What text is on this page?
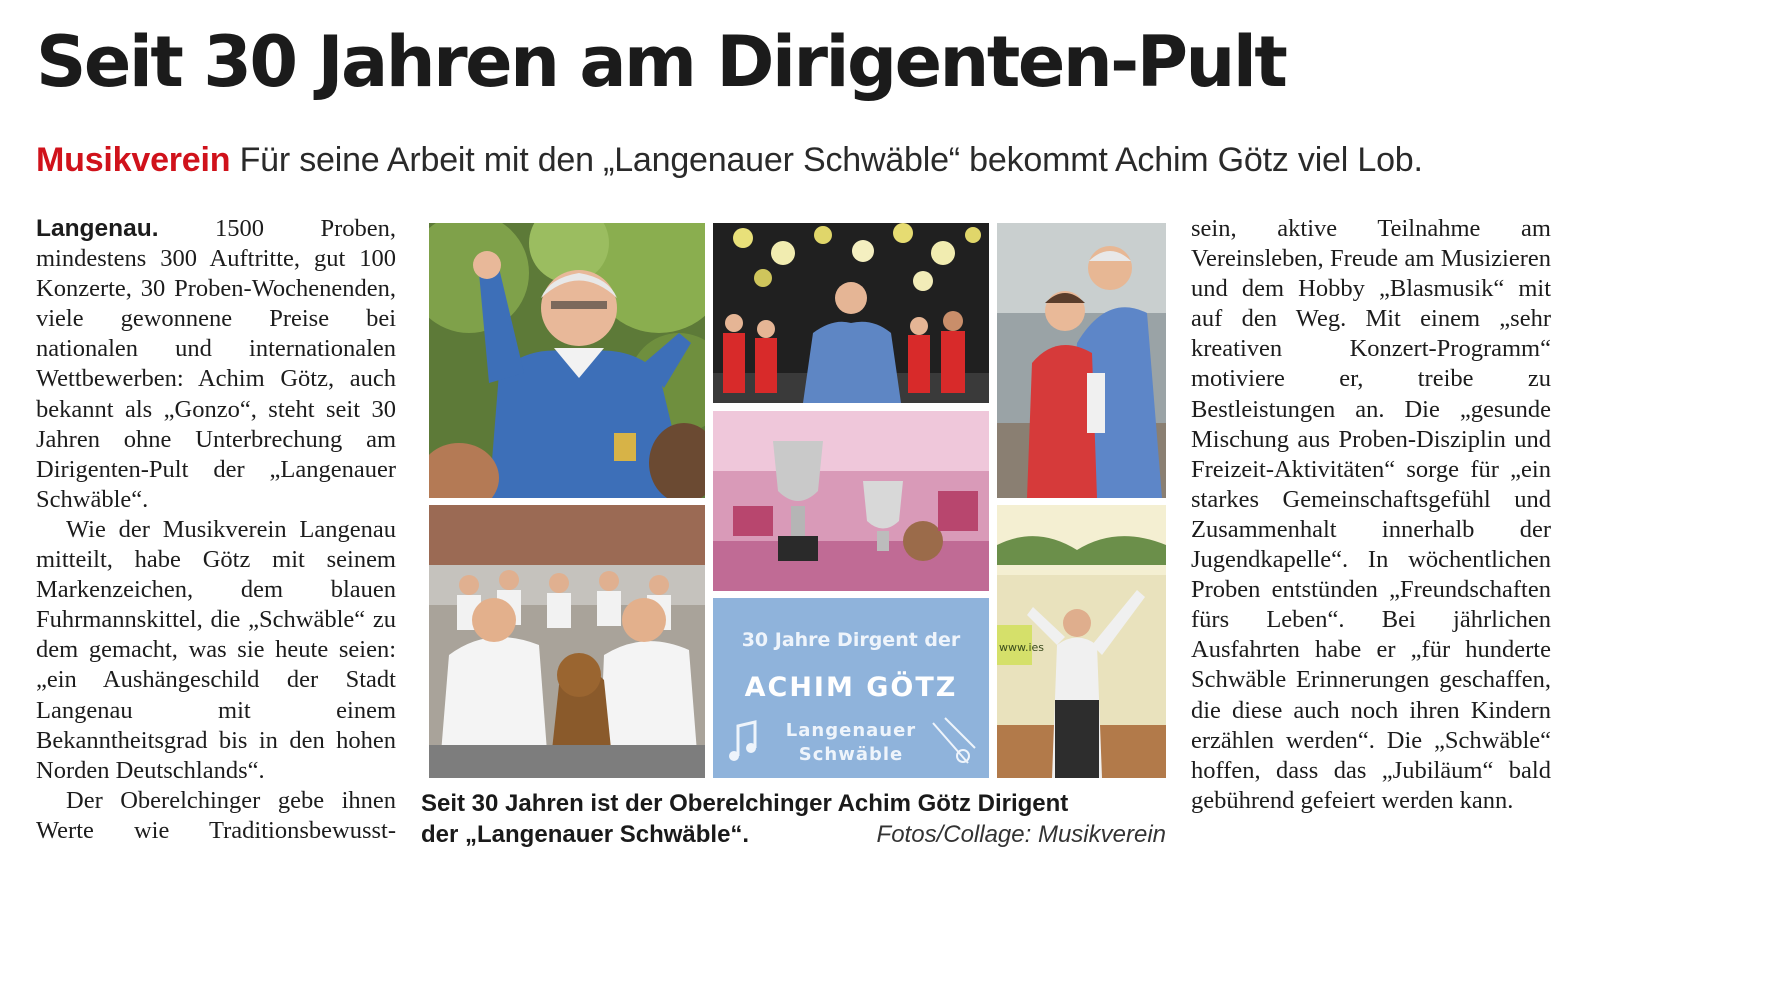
Seit 30 Jahren am Dirigenten-Pult

Musikverein Für seine Arbeit mit den „Langenauer Schwäble“ bekommt Achim Götz viel Lob.

Langenau. 1500 Proben, mindestens 300 Auftritte, gut 100 Konzerte, 30 Proben-Wochenenden, viele gewonnene Preise bei nationalen und internationalen Wettbewerben: Achim Götz, auch bekannt als „Gonzo“, steht seit 30 Jahren ohne Unterbrechung am Dirigenten-Pult der „Langenauer Schwäble“.

Wie der Musikverein Langenau mitteilt, habe Götz mit seinem Markenzeichen, dem blauen Fuhrmannskittel, die „Schwäble“ zu dem gemacht, was sie heute seien: „ein Aushängeschild der Stadt Langenau mit einem Bekanntheitsgrad bis in den hohen Norden Deutschlands“.

Der Oberelchinger gebe ihnen Werte wie Traditionsbewusst-

30 Jahre Dirgent der
ACHIM GÖTZ
Langenauer
Schwäble
www.ies
Seit 30 Jahren ist der Oberelchinger Achim Götz Dirigent
der „Langenauer Schwäble“.	Fotos/Collage: Musikverein

sein, aktive Teilnahme am Vereinsleben, Freude am Musizieren und dem Hobby „Blasmusik“ mit auf den Weg. Mit einem „sehr kreativen Konzert-Programm“ motiviere er, treibe zu Bestleistungen an. Die „gesunde Mischung aus Proben-Disziplin und Freizeit-Aktivitäten“ sorge für „ein starkes Gemeinschaftsgefühl und Zusammenhalt innerhalb der Jugendkapelle“. In wöchentlichen Proben entstünden „Freundschaften fürs Leben“. Bei jährlichen Ausfahrten habe er „für hunderte Schwäble Erinnerungen geschaffen, die diese auch noch ihren Kindern erzählen werden“. Die „Schwäble“ hoffen, dass das „Jubiläum“ bald gebührend gefeiert werden kann.
